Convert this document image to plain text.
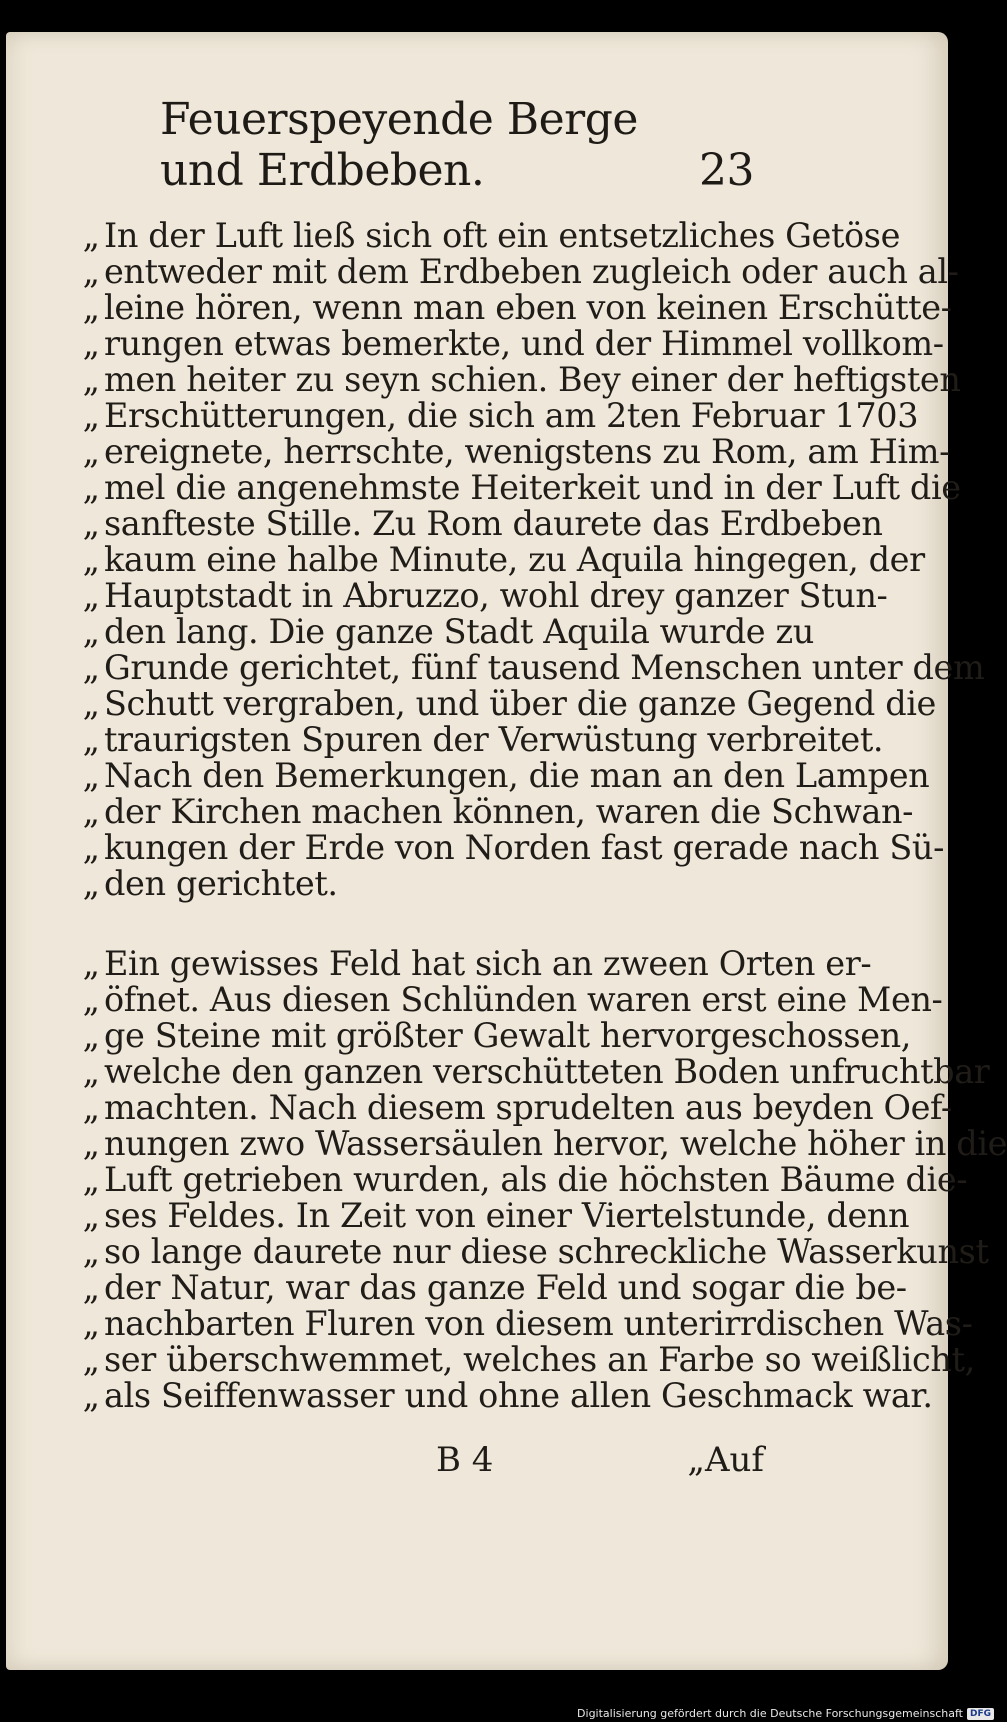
Feuerspeyende Berge und Erdbeben.	23
„ In der Luft ließ sich oft ein entsetzliches Getöse
„ entweder mit dem Erdbeben zugleich oder auch al-
„ leine hören, wenn man eben von keinen Erschütte-
„ rungen etwas bemerkte, und der Himmel vollkom-
„ men heiter zu seyn schien. Bey einer der heftigsten
„ Erschütterungen, die sich am 2ten Februar 1703
„ ereignete, herrschte, wenigstens zu Rom, am Him-
„ mel die angenehmste Heiterkeit und in der Luft die
„ sanfteste Stille. Zu Rom daurete das Erdbeben
„ kaum eine halbe Minute, zu Aquila hingegen, der
„ Hauptstadt in Abruzzo, wohl drey ganzer Stun-
„ den lang. Die ganze Stadt Aquila wurde zu
„ Grunde gerichtet, fünf tausend Menschen unter dem
„ Schutt vergraben, und über die ganze Gegend die
„ traurigsten Spuren der Verwüstung verbreitet.
„ Nach den Bemerkungen, die man an den Lampen
„ der Kirchen machen können, waren die Schwan-
„ kungen der Erde von Norden fast gerade nach Sü-
„ den gerichtet.
„ Ein gewisses Feld hat sich an zween Orten er-
„ öfnet. Aus diesen Schlünden waren erst eine Men-
„ ge Steine mit größter Gewalt hervorgeschossen,
„ welche den ganzen verschütteten Boden unfruchtbar
„ machten. Nach diesem sprudelten aus beyden Oef-
„ nungen zwo Wassersäulen hervor, welche höher in die
„ Luft getrieben wurden, als die höchsten Bäume die-
„ ses Feldes. In Zeit von einer Viertelstunde, denn
„ so lange daurete nur diese schreckliche Wasserkunst
„ der Natur, war das ganze Feld und sogar die be-
„ nachbarten Fluren von diesem unterirrdischen Was-
„ ser überschwemmet, welches an Farbe so weißlicht,
„ als Seiffenwasser und ohne allen Geschmack war.
B 4	„Auf
Digitalisierung gefördert durch die Deutsche Forschungsgemeinschaft DFG
